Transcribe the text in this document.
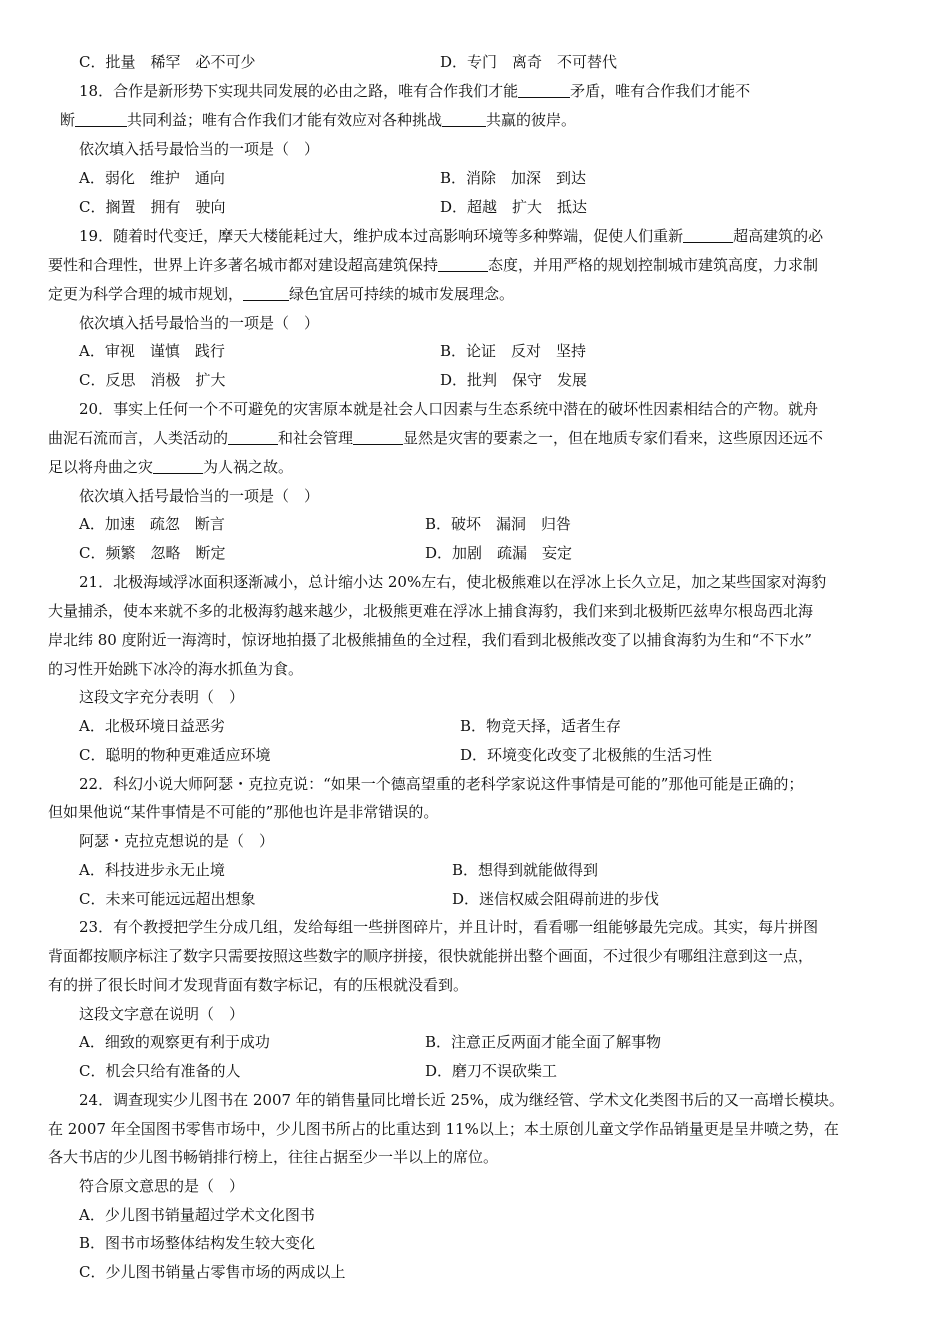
C．批量　稀罕　必不可少	D．专门　离奇　不可替代
18．合作是新形势下实现共同发展的必由之路，唯有合作我们才能	矛盾，唯有合作我们才能不
断	共同利益；唯有合作我们才能有效应对各种挑战	共赢的彼岸。
依次填入括号最恰当的一项是（　）
A．弱化　维护　通向	B．消除　加深　到达
C．搁置　拥有　驶向	D．超越　扩大　抵达
19．随着时代变迁，摩天大楼能耗过大，维护成本过高影响环境等多种弊端，促使人们重新	超高建筑的必
要性和合理性，世界上许多著名城市都对建设超高建筑保持	态度，并用严格的规划控制城市建筑高度，力求制
定更为科学合理的城市规划，	绿色宜居可持续的城市发展理念。
依次填入括号最恰当的一项是（　）
A．审视　谨慎　践行	B．论证　反对　坚持
C．反思　消极　扩大	D．批判　保守　发展
20．事实上任何一个不可避免的灾害原本就是社会人口因素与生态系统中潜在的破坏性因素相结合的产物。就舟
曲泥石流而言，人类活动的	和社会管理	显然是灾害的要素之一，但在地质专家们看来，这些原因还远不
足以将舟曲之灾	为人祸之故。
依次填入括号最恰当的一项是（　）
A．加速　疏忽　断言	B．破坏　漏洞　归咎
C．频繁　忽略　断定	D．加剧　疏漏　妄定
21．北极海域浮冰面积逐渐减小，总计缩小达 20%左右，使北极熊难以在浮冰上长久立足，加之某些国家对海豹
大量捕杀，使本来就不多的北极海豹越来越少，北极熊更难在浮冰上捕食海豹，我们来到北极斯匹兹卑尔根岛西北海
岸北纬 80 度附近一海湾时，惊讶地拍摄了北极熊捕鱼的全过程，我们看到北极熊改变了以捕食海豹为生和“不下水”
的习性开始跳下冰冷的海水抓鱼为食。
这段文字充分表明（　）
A．北极环境日益恶劣	B．物竞天择，适者生存
C．聪明的物种更难适应环境	D．环境变化改变了北极熊的生活习性
22．科幻小说大师阿瑟・克拉克说：“如果一个德高望重的老科学家说这件事情是可能的”那他可能是正确的；
但如果他说“某件事情是不可能的”那他也许是非常错误的。
阿瑟・克拉克想说的是（　）
A．科技进步永无止境	B．想得到就能做得到
C．未来可能远远超出想象	D．迷信权威会阻碍前进的步伐
23．有个教授把学生分成几组，发给每组一些拼图碎片，并且计时，看看哪一组能够最先完成。其实，每片拼图
背面都按顺序标注了数字只需要按照这些数字的顺序拼接，很快就能拼出整个画面，不过很少有哪组注意到这一点，
有的拼了很长时间才发现背面有数字标记，有的压根就没看到。
这段文字意在说明（　）
A．细致的观察更有利于成功	B．注意正反两面才能全面了解事物
C．机会只给有准备的人	D．磨刀不误砍柴工
24．调查现实少儿图书在 2007 年的销售量同比增长近 25%，成为继经管、学术文化类图书后的又一高增长模块。
在 2007 年全国图书零售市场中，少儿图书所占的比重达到 11%以上；本土原创儿童文学作品销量更是呈井喷之势，在
各大书店的少儿图书畅销排行榜上，往往占据至少一半以上的席位。
符合原文意思的是（　）
A．少儿图书销量超过学术文化图书
B．图书市场整体结构发生较大变化
C．少儿图书销量占零售市场的两成以上
